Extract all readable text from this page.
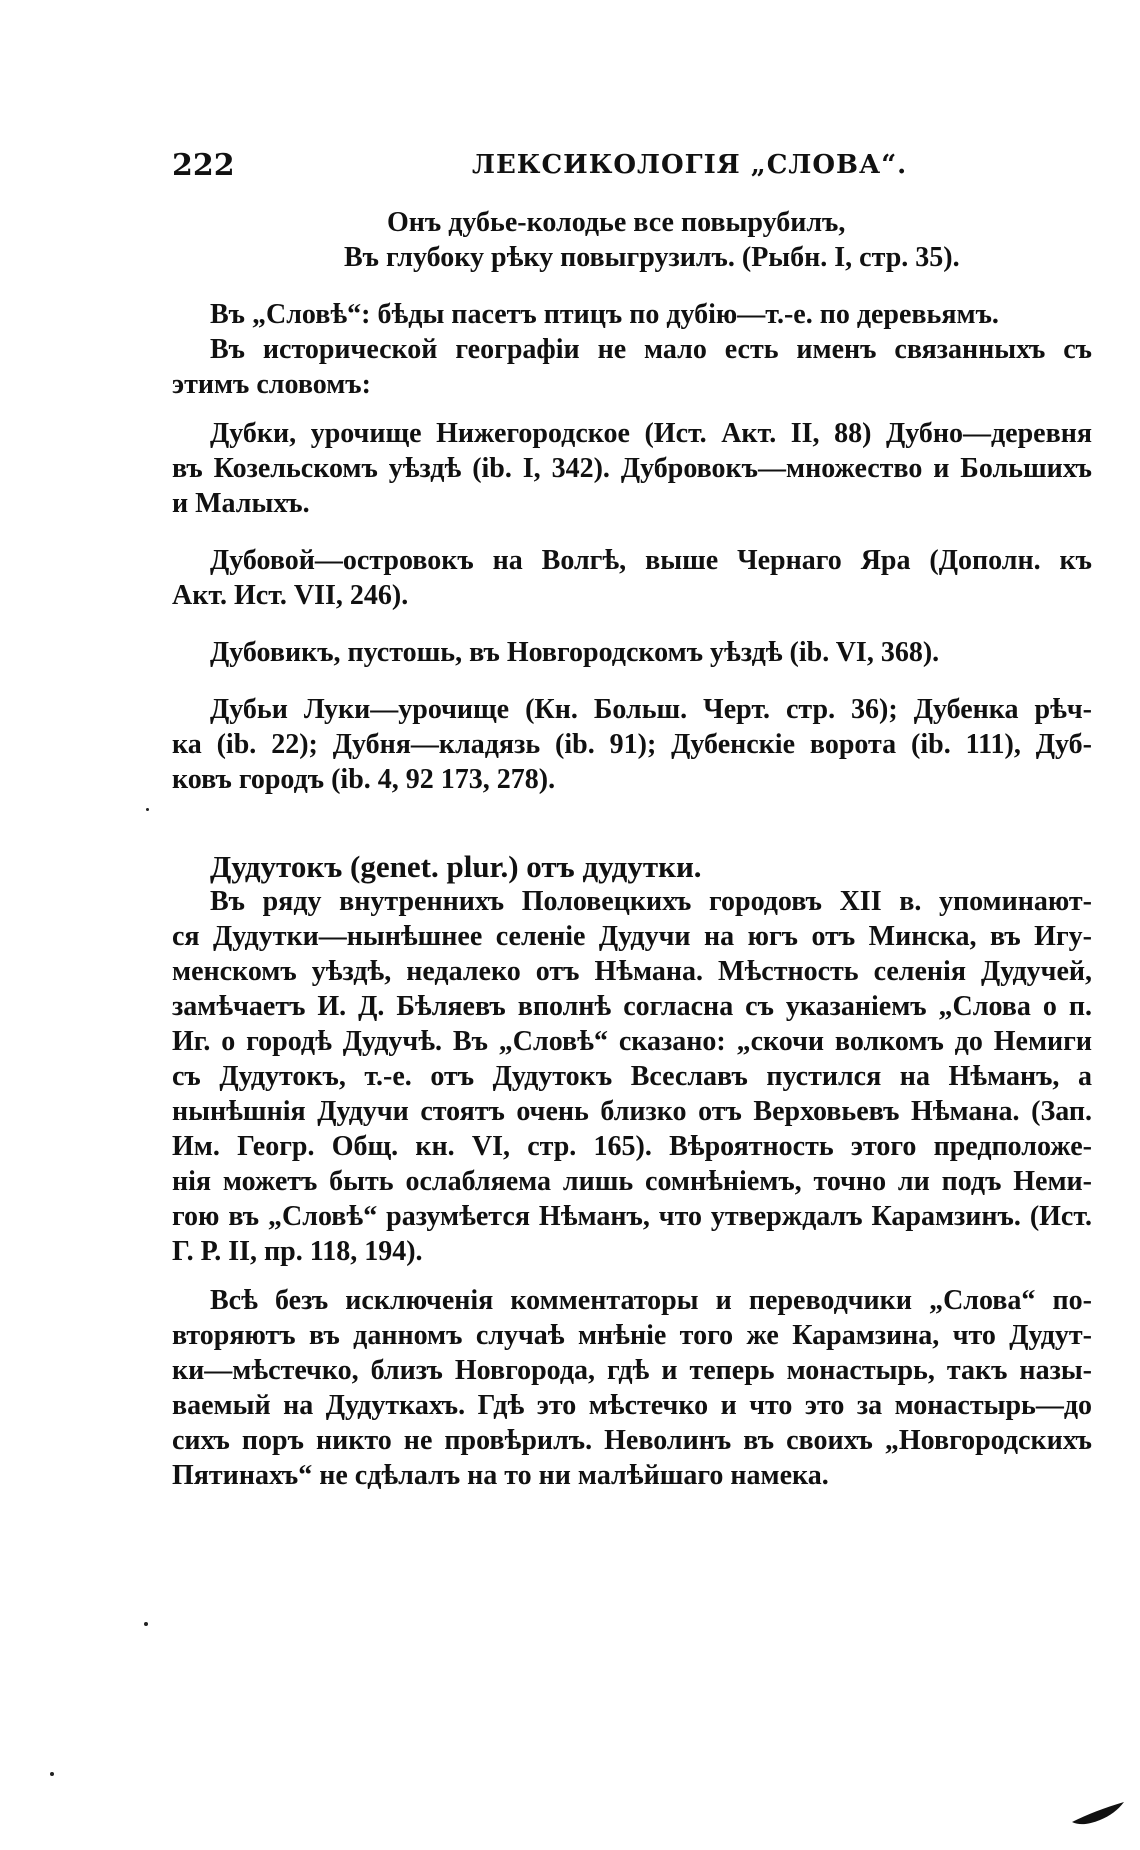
222	ЛЕКСИКОЛОГІЯ „СЛОВА“.
Онъ дубье-колодье все повырубилъ,
Въ глубоку рѣку повыгрузилъ. (Рыбн. I, стр. 35).
Въ „Словѣ“: бѣды пасетъ птицъ по дубію—т.-е. по деревьямъ.
Въ исторической географіи не мало есть именъ связанныхъ съ
этимъ словомъ:
Дубки, урочище Нижегородское (Ист. Акт. II, 88) Дубно—деревня
въ Козельскомъ уѣздѣ (ib. I, 342). Дубровокъ—множество и Большихъ
и Малыхъ.
Дубовой—островокъ на Волгѣ, выше Чернаго Яра (Дополн. къ
Акт. Ист. VII, 246).
Дубовикъ, пустошь, въ Новгородскомъ уѣздѣ (ib. VI, 368).
Дубьи Луки—урочище (Кн. Больш. Черт. стр. 36); Дубенка рѣч-
ка (ib. 22); Дубня—кладязь (ib. 91); Дубенскіе ворота (ib. 111), Дуб-
ковъ городъ (ib. 4, 92 173, 278).
Дудутокъ (genet. plur.) отъ дудутки.
Въ ряду внутреннихъ Половецкихъ городовъ XII в. упоминают-
ся Дудутки—нынѣшнее селеніе Дудучи на югъ отъ Минска, въ Игу-
менскомъ уѣздѣ, недалеко отъ Нѣмана. Мѣстность селенія Дудучей,
замѣчаетъ И. Д. Бѣляевъ вполнѣ согласна съ указаніемъ „Слова о п.
Иг. о городѣ Дудучѣ. Въ „Словѣ“ сказано: „скочи волкомъ до Немиги
съ Дудутокъ, т.-е. отъ Дудутокъ Всеславъ пустился на Нѣманъ, а
нынѣшнія Дудучи стоятъ очень близко отъ Верховьевъ Нѣмана. (Зап.
Им. Геогр. Общ. кн. VI, стр. 165). Вѣроятность этого предположе-
нія можетъ быть ослабляема лишь сомнѣніемъ, точно ли подъ Неми-
гою въ „Словѣ“ разумѣется Нѣманъ, что утверждалъ Карамзинъ. (Ист.
Г. Р. II, пр. 118, 194).
Всѣ безъ исключенія комментаторы и переводчики „Слова“ по-
вторяютъ въ данномъ случаѣ мнѣніе того же Карамзина, что Дудут-
ки—мѣстечко, близъ Новгорода, гдѣ и теперь монастырь, такъ назы-
ваемый на Дудуткахъ. Гдѣ это мѣстечко и что это за монастырь—до
сихъ поръ никто не провѣрилъ. Неволинъ въ своихъ „Новгородскихъ
Пятинахъ“ не сдѣлалъ на то ни малѣйшаго намека.
